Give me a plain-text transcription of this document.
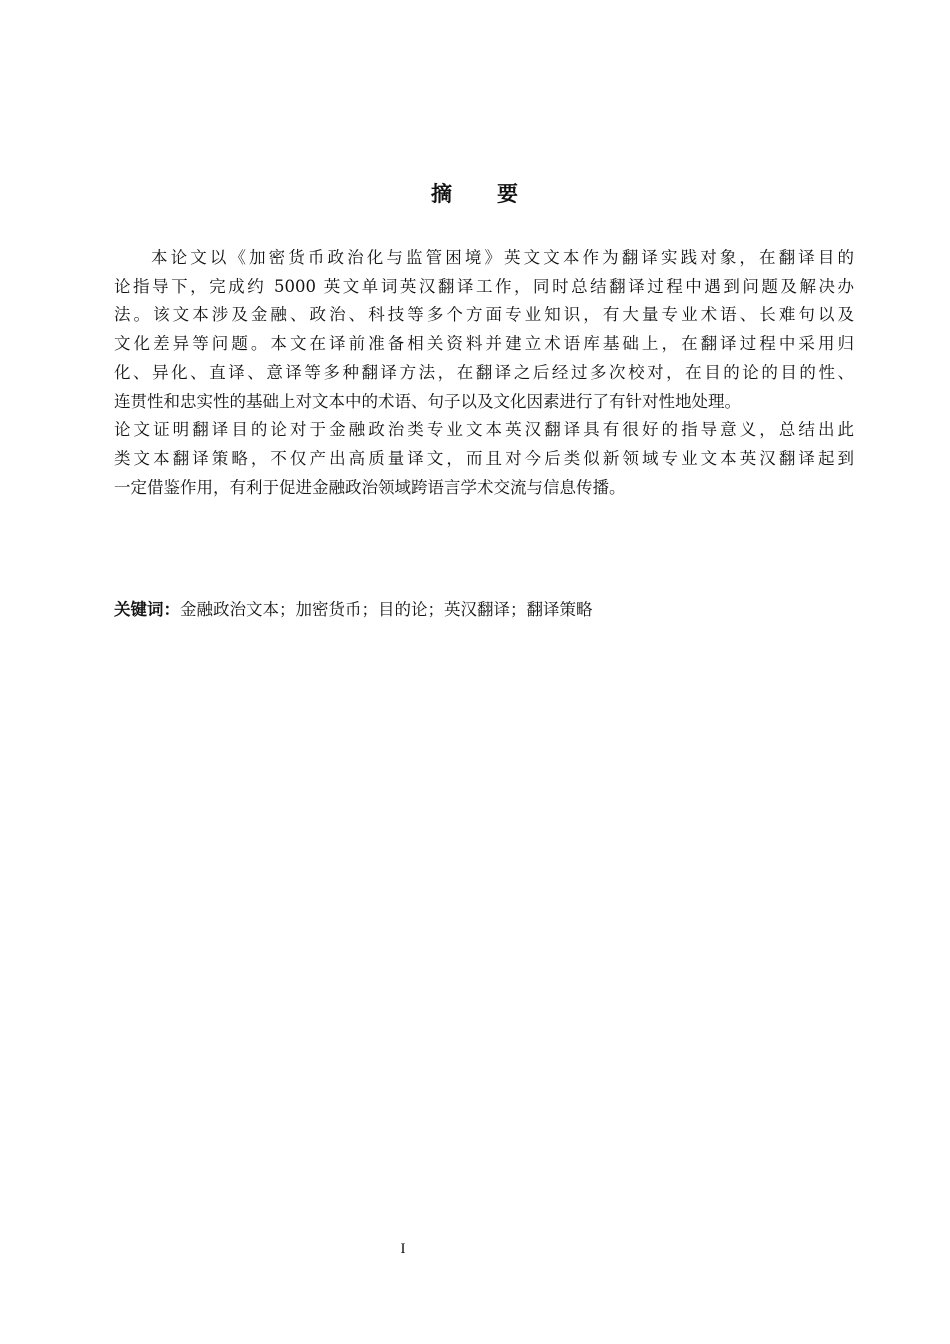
摘 要
本论文以《加密货币政治化与监管困境》英文文本作为翻译实践对象，在翻译目的
论指导下，完成约 5000 英文单词英汉翻译工作，同时总结翻译过程中遇到问题及解决办
法。该文本涉及金融、政治、科技等多个方面专业知识，有大量专业术语、长难句以及
文化差异等问题。本文在译前准备相关资料并建立术语库基础上，在翻译过程中采用归
化、异化、直译、意译等多种翻译方法，在翻译之后经过多次校对，在目的论的目的性、
连贯性和忠实性的基础上对文本中的术语、句子以及文化因素进行了有针对性地处理。
论文证明翻译目的论对于金融政治类专业文本英汉翻译具有很好的指导意义，总结出此
类文本翻译策略，不仅产出高质量译文，而且对今后类似新领域专业文本英汉翻译起到
一定借鉴作用，有利于促进金融政治领域跨语言学术交流与信息传播。
关键词：金融政治文本；加密货币；目的论；英汉翻译；翻译策略
I
